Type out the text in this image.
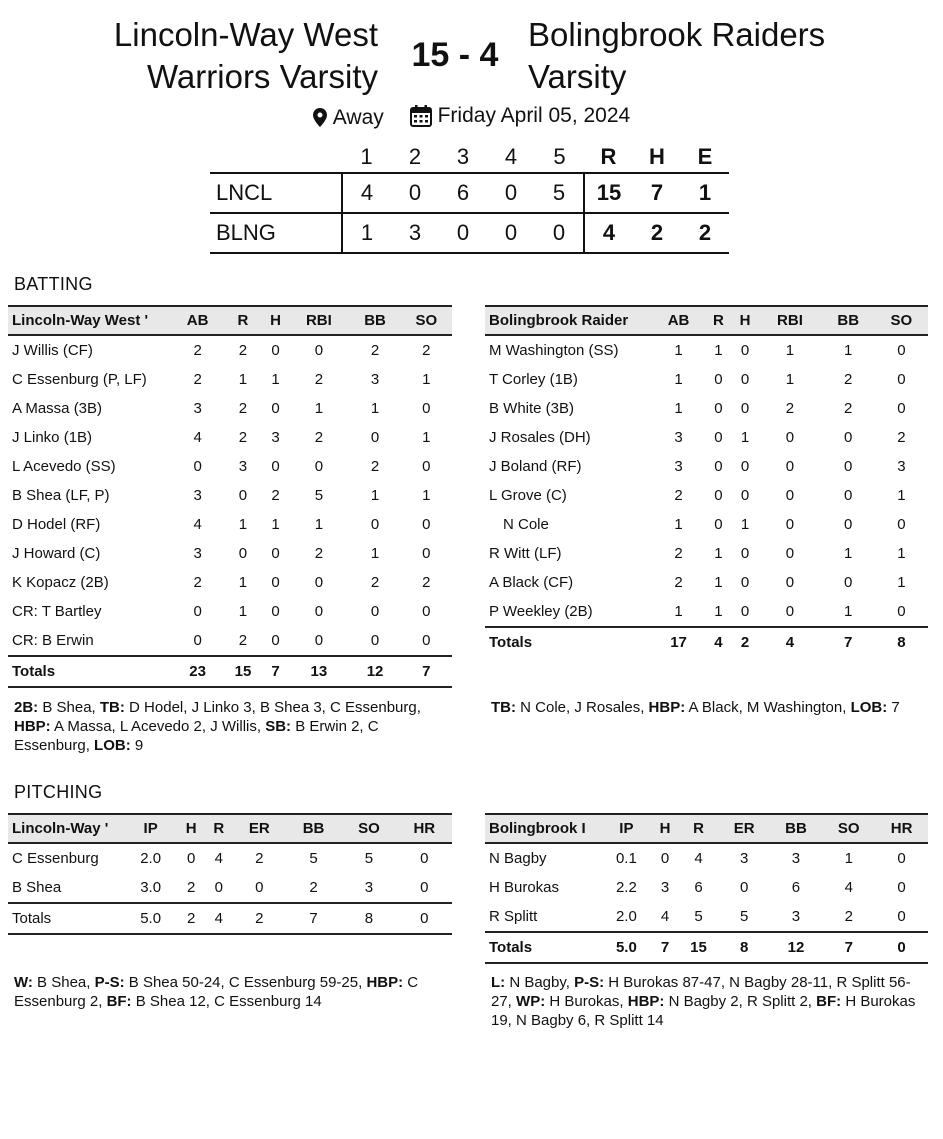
Lincoln-Way West
Warriors Varsity
15 - 4
Bolingbrook Raiders
Varsity
Away
	Friday April 05, 2024
	1	2	3	4	5	R	H	E
LNCL	4	0	6	0	5	15	7	1
BLNG	1	3	0	0	0	4	2	2
BATTING
Lincoln-Way West '	AB	R	H	RBI	BB	SO
J Willis (CF)	2	2	0	0	2	2
C Essenburg (P, LF)	2	1	1	2	3	1
A Massa (3B)	3	2	0	1	1	0
J Linko (1B)	4	2	3	2	0	1
L Acevedo (SS)	0	3	0	0	2	0
B Shea (LF, P)	3	0	2	5	1	1
D Hodel (RF)	4	1	1	1	0	0
J Howard (C)	3	0	0	2	1	0
K Kopacz (2B)	2	1	0	0	2	2
CR: T Bartley	0	1	0	0	0	0
CR: B Erwin	0	2	0	0	0	0
Totals	23	15	7	13	12	7
Bolingbrook Raider	AB	R	H	RBI	BB	SO
M Washington (SS)	1	1	0	1	1	0
T Corley (1B)	1	0	0	1	2	0
B White (3B)	1	0	0	2	2	0
J Rosales (DH)	3	0	1	0	0	2
J Boland (RF)	3	0	0	0	0	3
L Grove (C)	2	0	0	0	0	1
N Cole	1	0	1	0	0	0
R Witt (LF)	2	1	0	0	1	1
A Black (CF)	2	1	0	0	0	1
P Weekley (2B)	1	1	0	0	1	0
Totals	17	4	2	4	7	8
2B: B Shea, TB: D Hodel, J Linko 3, B Shea 3, C Essenburg, HBP: A Massa, L Acevedo 2, J Willis, SB: B Erwin 2, C Essenburg, LOB: 9
TB: N Cole, J Rosales, HBP: A Black, M Washington, LOB: 7
PITCHING
Lincoln-Way '	IP	H	R	ER	BB	SO	HR
C Essenburg	2.0	0	4	2	5	5	0
B Shea	3.0	2	0	0	2	3	0
Totals	5.0	2	4	2	7	8	0
Bolingbrook I	IP	H	R	ER	BB	SO	HR
N Bagby	0.1	0	4	3	3	1	0
H Burokas	2.2	3	6	0	6	4	0
R Splitt	2.0	4	5	5	3	2	0
Totals	5.0	7	15	8	12	7	0
W: B Shea, P-S: B Shea 50-24, C Essenburg 59-25, HBP: C Essenburg 2, BF: B Shea 12, C Essenburg 14
L: N Bagby, P-S: H Burokas 87-47, N Bagby 28-11, R Splitt 56-27, WP: H Burokas, HBP: N Bagby 2, R Splitt 2, BF: H Burokas 19, N Bagby 6, R Splitt 14
